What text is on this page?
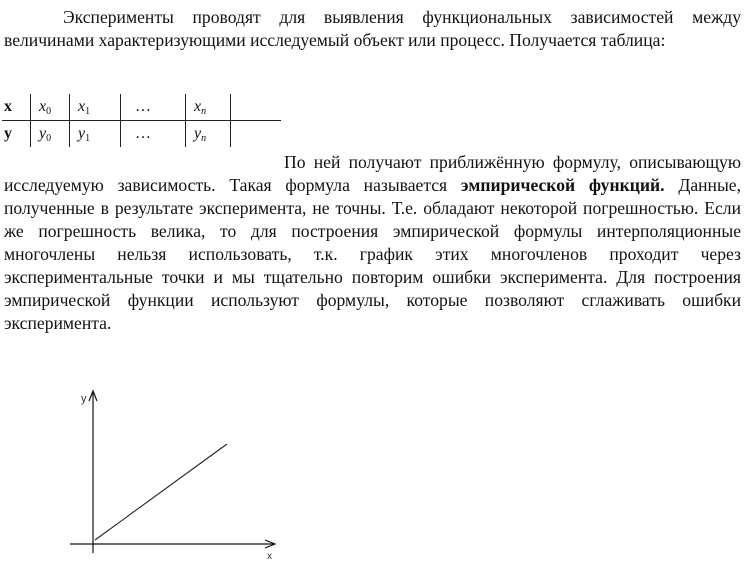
Эксперименты проводят для выявления функциональных зависимостей между величинами характеризующими исследуемый объект или процесс. Получается таблица:

x	$x_0$	$x_1$	…	$x_n$	
y	$y_0$	$y_1$	…	$y_n$	

По ней получают приближённую формулу, описывающую исследуемую зависимость. Такая формула называется эмпирической функций. Данные, полученные в результате эксперимента, не точны. Т.е. обладают некоторой погрешностью. Если же погрешность велика, то для построения эмпирической формулы интерполяционные многочлены нельзя использовать, т.к. график этих многочленов проходит через экспериментальные точки и мы тщательно повторим ошибки эксперимента. Для построения эмпирической функции используют формулы, которые позволяют сглаживать ошибки эксперимента.

y
x
